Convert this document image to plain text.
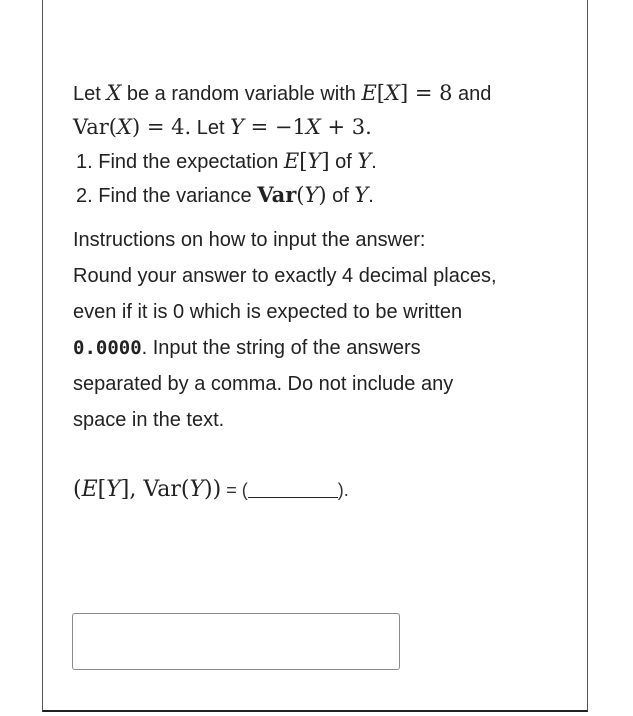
Let X be a random variable with E[X] = 8 and
Var(X) = 4. Let Y = −1X + 3.
1. Find the expectation E[Y] of Y.
2. Find the variance Var(Y) of Y.
Instructions on how to input the answer:
Round your answer to exactly 4 decimal places,
even if it is 0 which is expected to be written
0.0000. Input the string of the answers
separated by a comma. Do not include any
space in the text.
(E[Y], Var(Y)) = (	).
